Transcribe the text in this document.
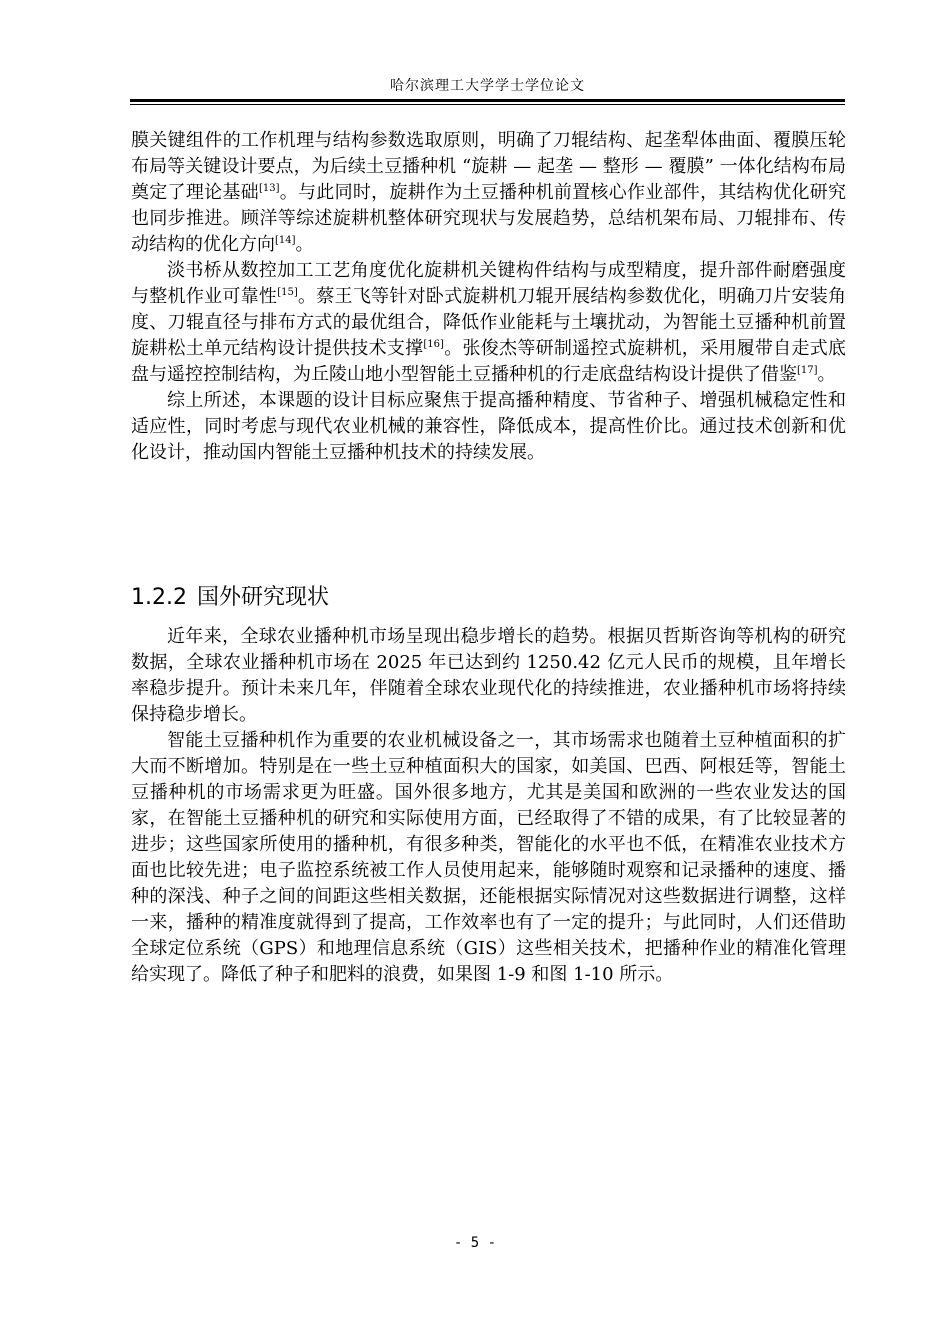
哈尔滨理工大学学士学位论文

膜关键组件的工作机理与结构参数选取原则，明确了刀辊结构、起垄犁体曲面、覆膜压轮布局等关键设计要点，为后续土豆播种机 “旋耕 — 起垄 — 整形 — 覆膜” 一体化结构布局奠定了理论基础[13]。与此同时，旋耕作为土豆播种机前置核心作业部件，其结构优化研究也同步推进。顾洋等综述旋耕机整体研究现状与发展趋势，总结机架布局、刀辊排布、传动结构的优化方向[14]。

淡书桥从数控加工工艺角度优化旋耕机关键构件结构与成型精度，提升部件耐磨强度与整机作业可靠性[15]。蔡王飞等针对卧式旋耕机刀辊开展结构参数优化，明确刀片安装角度、刀辊直径与排布方式的最优组合，降低作业能耗与土壤扰动，为智能土豆播种机前置旋耕松土单元结构设计提供技术支撑[16]。张俊杰等研制遥控式旋耕机，采用履带自走式底盘与遥控控制结构，为丘陵山地小型智能土豆播种机的行走底盘结构设计提供了借鉴[17]。

综上所述，本课题的设计目标应聚焦于提高播种精度、节省种子、增强机械稳定性和适应性，同时考虑与现代农业机械的兼容性，降低成本，提高性价比。通过技术创新和优化设计，推动国内智能土豆播种机技术的持续发展。

1.2.2 国外研究现状

近年来，全球农业播种机市场呈现出稳步增长的趋势。根据贝哲斯咨询等机构的研究数据，全球农业播种机市场在 2025 年已达到约 1250.42 亿元人民币的规模，且年增长率稳步提升。预计未来几年，伴随着全球农业现代化的持续推进，农业播种机市场将持续保持稳步增长。

智能土豆播种机作为重要的农业机械设备之一，其市场需求也随着土豆种植面积的扩大而不断增加。特别是在一些土豆种植面积大的国家，如美国、巴西、阿根廷等，智能土豆播种机的市场需求更为旺盛。国外很多地方，尤其是美国和欧洲的一些农业发达的国家，在智能土豆播种机的研究和实际使用方面，已经取得了不错的成果，有了比较显著的进步；这些国家所使用的播种机，有很多种类，智能化的水平也不低，在精准农业技术方面也比较先进；电子监控系统被工作人员使用起来，能够随时观察和记录播种的速度、播种的深浅、种子之间的间距这些相关数据，还能根据实际情况对这些数据进行调整，这样一来，播种的精准度就得到了提高，工作效率也有了一定的提升；与此同时，人们还借助全球定位系统（GPS）和地理信息系统（GIS）这些相关技术，把播种作业的精准化管理给实现了。降低了种子和肥料的浪费，如果图 1-9 和图 1-10 所示。

- 5 -
